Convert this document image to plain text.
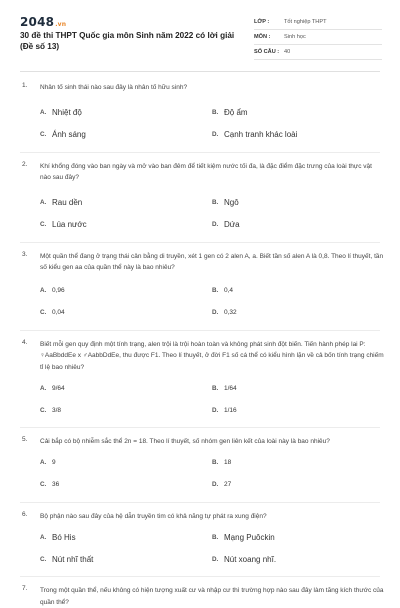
2048.vn
30 đề thi THPT Quốc gia môn Sinh năm 2022 có lời giải (Đề số 13)
LỚP :	Tốt nghiệp THPT
MÔN :	Sinh học
SỐ CÂU : 40
1. Nhân tố sinh thái nào sau đây là nhân tố hữu sinh?
A. Nhiệt độ	B. Độ ẩm
C. Ánh sáng	D. Cạnh tranh khác loài
2. Khí khổng đóng vào ban ngày và mở vào ban đêm để tiết kiệm nước tối đa, là đặc điểm đặc trưng của loài thực vật nào sau đây?
A. Rau dền	B. Ngô
C. Lúa nước	D. Dứa
3. Một quần thể đang ở trạng thái cân bằng di truyền, xét 1 gen có 2 alen A, a. Biết tần số alen A là 0,8. Theo lí thuyết, tần số kiểu gen aa của quần thể này là bao nhiêu?
A. 0,96	B. 0,4
C. 0,04	D. 0,32
4. Biết mỗi gen quy định một tính trạng, alen trội là trội hoàn toàn và không phát sinh đột biến. Tiến hành phép lai P: ♀AaBbddEe x ♂AabbDdEe, thu được F1. Theo lí thuyết, ở đời F1 số cá thể có kiểu hình lặn về cả bốn tính trạng chiếm tỉ lệ bao nhiêu?
A. 9/64	B. 1/64
C. 3/8	D. 1/16
5. Cải bắp có bộ nhiễm sắc thể 2n = 18. Theo lí thuyết, số nhóm gen liên kết của loài này là bao nhiêu?
A. 9	B. 18
C. 36	D. 27
6. Bộ phận nào sau đây của hệ dẫn truyền tim có khả năng tự phát ra xung điện?
A. Bó His	B. Mạng Puôckin
C. Nút nhĩ thất	D. Nút xoang nhĩ.
7. Trong một quần thể, nếu không có hiện tượng xuất cư và nhập cư thì trường hợp nào sau đây làm tăng kích thước của quần thể?
